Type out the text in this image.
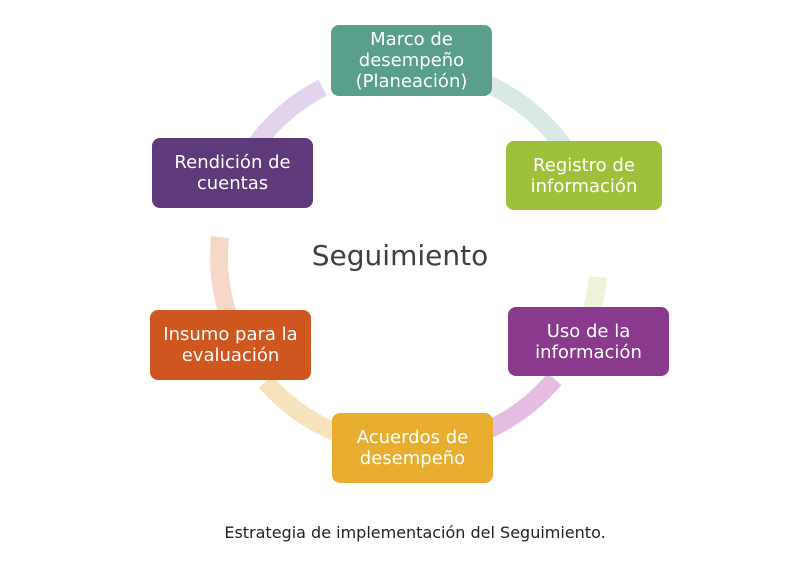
Marco de
desempeño
(Planeación)
Registro de
información
Uso de la
información
Acuerdos de
desempeño
Insumo para la
evaluación
Rendición de
cuentas
Seguimiento
Estrategia de implementación del Seguimiento.
